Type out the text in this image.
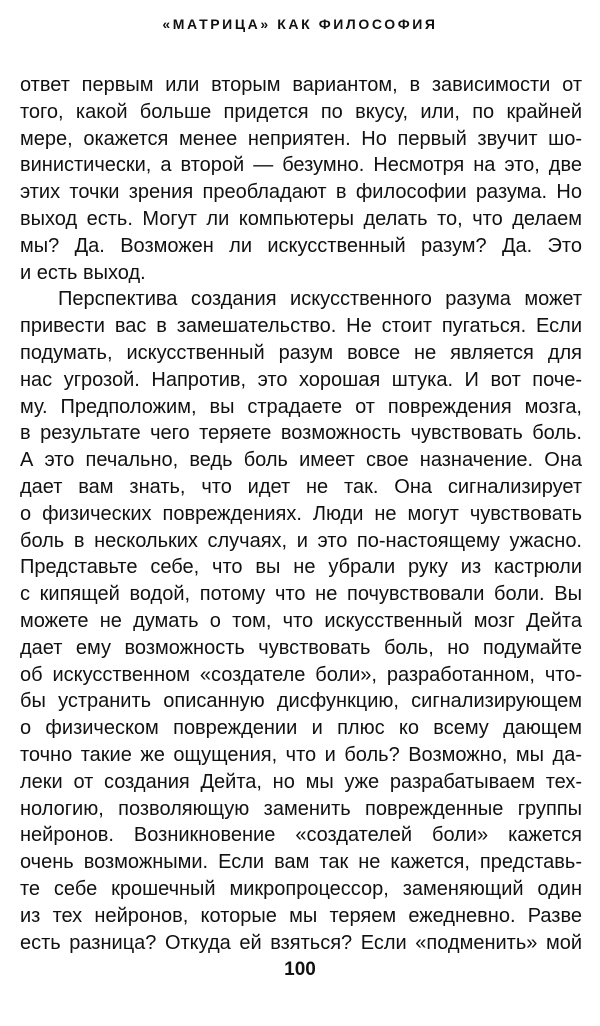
«МАТРИЦА» КАК ФИЛОСОФИЯ

ответ первым или вторым вариантом, в зависимости от
того, какой больше придется по вкусу, или, по крайней
мере, окажется менее неприятен. Но первый звучит шо-
винистически, а второй — безумно. Несмотря на это, две
этих точки зрения преобладают в философии разума. Но
выход есть. Могут ли компьютеры делать то, что делаем
мы? Да. Возможен ли искусственный разум? Да. Это
и есть выход.

Перспектива создания искусственного разума может
привести вас в замешательство. Не стоит пугаться. Если
подумать, искусственный разум вовсе не является для
нас угрозой. Напротив, это хорошая штука. И вот поче-
му. Предположим, вы страдаете от повреждения мозга,
в результате чего теряете возможность чувствовать боль.
А это печально, ведь боль имеет свое назначение. Она
дает вам знать, что идет не так. Она сигнализирует
о физических повреждениях. Люди не могут чувствовать
боль в нескольких случаях, и это по-настоящему ужасно.
Представьте себе, что вы не убрали руку из кастрюли
с кипящей водой, потому что не почувствовали боли. Вы
можете не думать о том, что искусственный мозг Дейта
дает ему возможность чувствовать боль, но подумайте
об искусственном «создателе боли», разработанном, что-
бы устранить описанную дисфункцию, сигнализирующем
о физическом повреждении и плюс ко всему дающем
точно такие же ощущения, что и боль? Возможно, мы да-
леки от создания Дейта, но мы уже разрабатываем тех-
нологию, позволяющую заменить поврежденные группы
нейронов. Возникновение «создателей боли» кажется
очень возможными. Если вам так не кажется, представь-
те себе крошечный микропроцессор, заменяющий один
из тех нейронов, которые мы теряем ежедневно. Разве
есть разница? Откуда ей взяться? Если «подменить» мой

100
